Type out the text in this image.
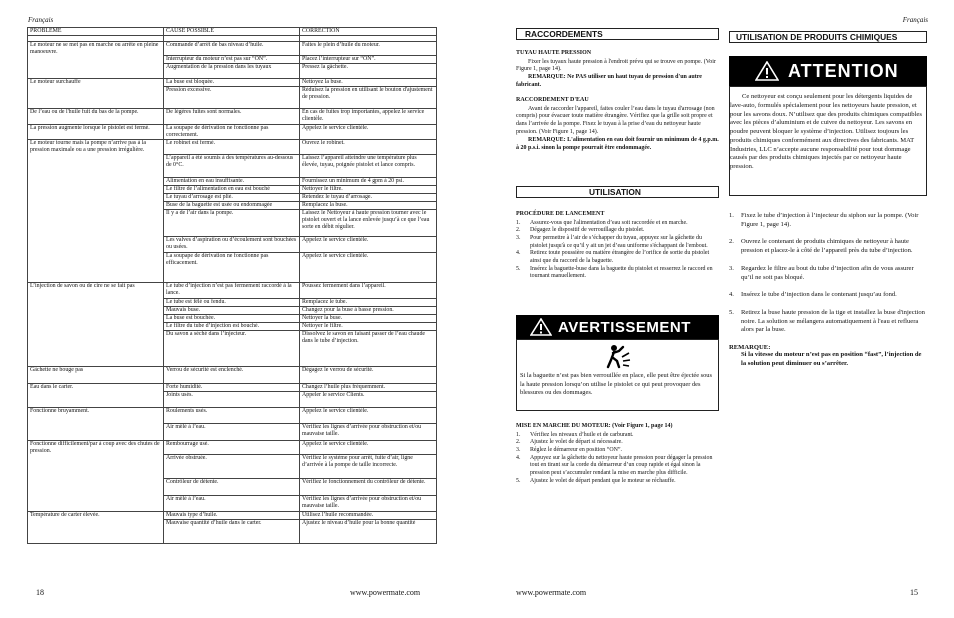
Français	Français
PROBLÈME	CAUSE POSSIBLE	CORRECTION

Le moteur ne se met pas en marche ou arrête en pleine manoeuvre.	Commande d’arrêt de bas niveau d’huile.	Faites le plein d’huile du moteur.
	Interrupteur du moteur n’est pas sur “ON”.	Placez l’interrupteur sur “ON”.
	Augmentation de la pression dans les tuyaux	Pressez la gâchette.
Le moteur surchauffe	La buse est bloquée.	Nettoyez la buse.
	Pression excessive.	Réduisez la pression en utilisant le bouton d'ajustement de pression.
De l’eau ou de l'huile fuit du bas de la pompe.	De légères fuites sont normales.	En cas de fuites trop importantes, appelez le service clientèle.
La pression augmente lorsque le pistolet est fermé.	La soupape de dérivation ne fonctionne pas correctement.	Appelez le service clientèle.
Le moteur tourne mais la pompe n’arrive pas à la pression maximale ou a une pression irrégulière.	Le robinet est fermé.	Ouvrez le robinet.
	L’appareil a été soumis à des températures au-dessous de 0°C.	Laissez l’appareil atteindre une température plus élevée, tuyau, poignée pistolet et lance compris.
	Alimentation en eau insuffisante.	Fournissez un minimum de 4 gpm à 20 psi.
	Le filtre de l’alimentation en eau est bouché	Nettoyer le filtre.
	Le tuyau d’arrosage est plié.	Retendez le tuyau d’arrosage.
	Buse de la baguette est usée ou endommagée	Remplacez la buse.
	Il y a de l’air dans la pompe.	Laissez le Nettoyeur à haute pression tourner avec le pistolet ouvert et la lance enlevée jusqu’à ce que l’eau sorte en débit régulier.
	Les valves d’aspiration ou d’écoulement sont bouchées ou usées.	Appelez le service clientèle.
	La soupape de dérivation ne fonctionne pas efficacement.	Appelez le service clientèle.
L’injection de savon ou de cire ne se fait pas	Le tube d’injection n’est pas fermement raccordé à la lance.	Poussez fermement dans l’appareil.
	Le tube est fêlé ou fendu.	Remplacez le tube.
	Mauvais buse.	Changez pour la buse à basse pression.
	La buse est bouchée.	Nettoyer la buse.
	Le filtre du tube d’injection est bouché.	Nettoyer le filtre.
	Du savon a séché dans l’injecteur.	Dissolvez le savon en faisant passer de l’eau chaude dans le tube d’injection.
Gâchette ne bouge pas	Verrou de sécurité est enclenché.	Dégagez le verrou de sécurité.
Eau dans le carter.	Forte humidité.	Changez l’huile plus fréquemment.
	Joints usés.	Appeler le service Clients.
Fonctionne bruyamment.	Roulements usés.	Appelez le service clientèle.
	Air mêlé à l’eau.	Vérifiez les lignes d’arrivée pour obstruction et/ou mauvaise taille.
Fonctionne difficilement/par à coup avec des chutes de pression.	Rembourrage usé.	Appelez le service clientèle.
	Arrivée obstruée.	Vérifiez le système pour arrêt, fuite d’air, ligne d’arrivée à la pompe de taille incorrecte.
	Contrôleur de détente.	Vérifiez le fonctionnement du contrôleur de détente.
	Air mêlé à l’eau.	Vérifiez les lignes d’arrivée pour obstruction et/ou mauvaise taille.
Température de carter élevée.	Mauvais type d’huile.	Utilisez l’huile recommandée.
	Mauvaise quantité d’huile dans le carter.	Ajustez le niveau d’huile pour la bonne quantité
18	www.powermate.com
RACCORDEMENTS
TUYAU HAUTE PRESSION
Fixer les tuyaux haute pression à l'endroit prévu qui se trouve en pompe. (Voir Figure 1, page 14).
REMARQUE: Ne PAS utiliser un haut tuyau de pression d'un autre fabricant.
RACCORDEMENT D'EAU
Avant de raccorder l'appareil, faites couler l’eau dans le tuyau d'arrosage (non compris) pour évacuer toute matière étrangère. Vérifiez que la grille soit propre et dans l’arrivée de la pompe. Fixez le tuyau à la prise d’eau du nettoyeur haute pression. (Voir Figure 1, page 14).
REMARQUE: L'alimentation en eau doit fournir un minimum de 4 g.p.m. à 20 p.s.i. sinon la pompe pourrait être endommagée.
UTILISATION
PROCÉDURE DE LANCEMENT
1.	Assurez-vous que l'alimentation d’eau soit raccordée et en marche.
2.	Dégagez le dispositif de verrouillage du pistolet.
3.	Pour permettre à l’air de s’échapper du tuyau, appuyez sur la gâchette du pistolet jusqu'à ce qu’il y ait un jet d’eau uniforme s'échappant de l'embout.
4.	Retirez toute poussière ou matière étrangère de l’orifice de sortie du pistolet ainsi que du raccord de la baguette.
5.	Insérez la baguette-buse dans la baguette du pistolet et resserrez le raccord en tournant manuellement.
AVERTISSEMENT
Si la baguette n’est pas bien verrouillée en place, elle peut être éjectée sous la haute pression lorsqu’on utilise le pistolet ce qui peut provoquer des blessures ou des dommages.
MISE EN MARCHE DU MOTEUR: (Voir Figure 1, page 14)
1.	Vérifiez les niveaux d’huile et de carburant.
2.	Ajustez le volet de départ si nécessaire.
3.	Réglez le démarreur en position “ON”.
4.	Appuyez sur la gâchette du nettoyeur haute pression pour dégager la pression tout en tirant sur la corde du démarreur d’un coup rapide et égal sinon la pression peut s’accumuler rendant la mise en marche plus difficile.
5.	Ajustez le volet de départ pendant que le moteur se réchauffe.
www.powermate.com
UTILISATION DE PRODUITS CHIMIQUES
ATTENTION
Ce nettoyeur est conçu seulement pour les détergents liquides de lave-auto, formulés spécialement pour les nettoyeurs haute pression, et pour les savons doux. N’utilisez que des produits chimiques compatibles avec les pièces d’aluminium et de cuivre du nettoyeur. Les savons en poudre peuvent bloquer le système d’injection. Utilisez toujours les produits chimiques conformément aux directives des fabricants. MAT Industries, LLC n’accepte aucune responsabilité pour tout dommage causés par des produits chimiques injectés par ce nettoyeur haute pression.
1.	Fixez le tube d’injection à l’injecteur du siphon sur la pompe. (Voir Figure 1, page 14).
2.	Ouvrez le contenant de produits chimiques de nettoyeur à haute pression et placez-le à côté de l’appareil près du tube d’injection.
3.	Regardez le filtre au bout du tube d’injection afin de vous assurer qu’il ne soit pas bloqué.
4.	Insérez le tube d’injection dans le contenant jusqu’au fond.
5.	Retirez la buse haute pression de la tige et installez la buse d'injection noire. La solution se mélangera automatiquement à l'eau et refluera alors par la buse.
REMARQUE:
Si la vitesse du moteur n’est pas en position “fast”, l’injection de la solution peut diminuer ou s’arrêter.
15
